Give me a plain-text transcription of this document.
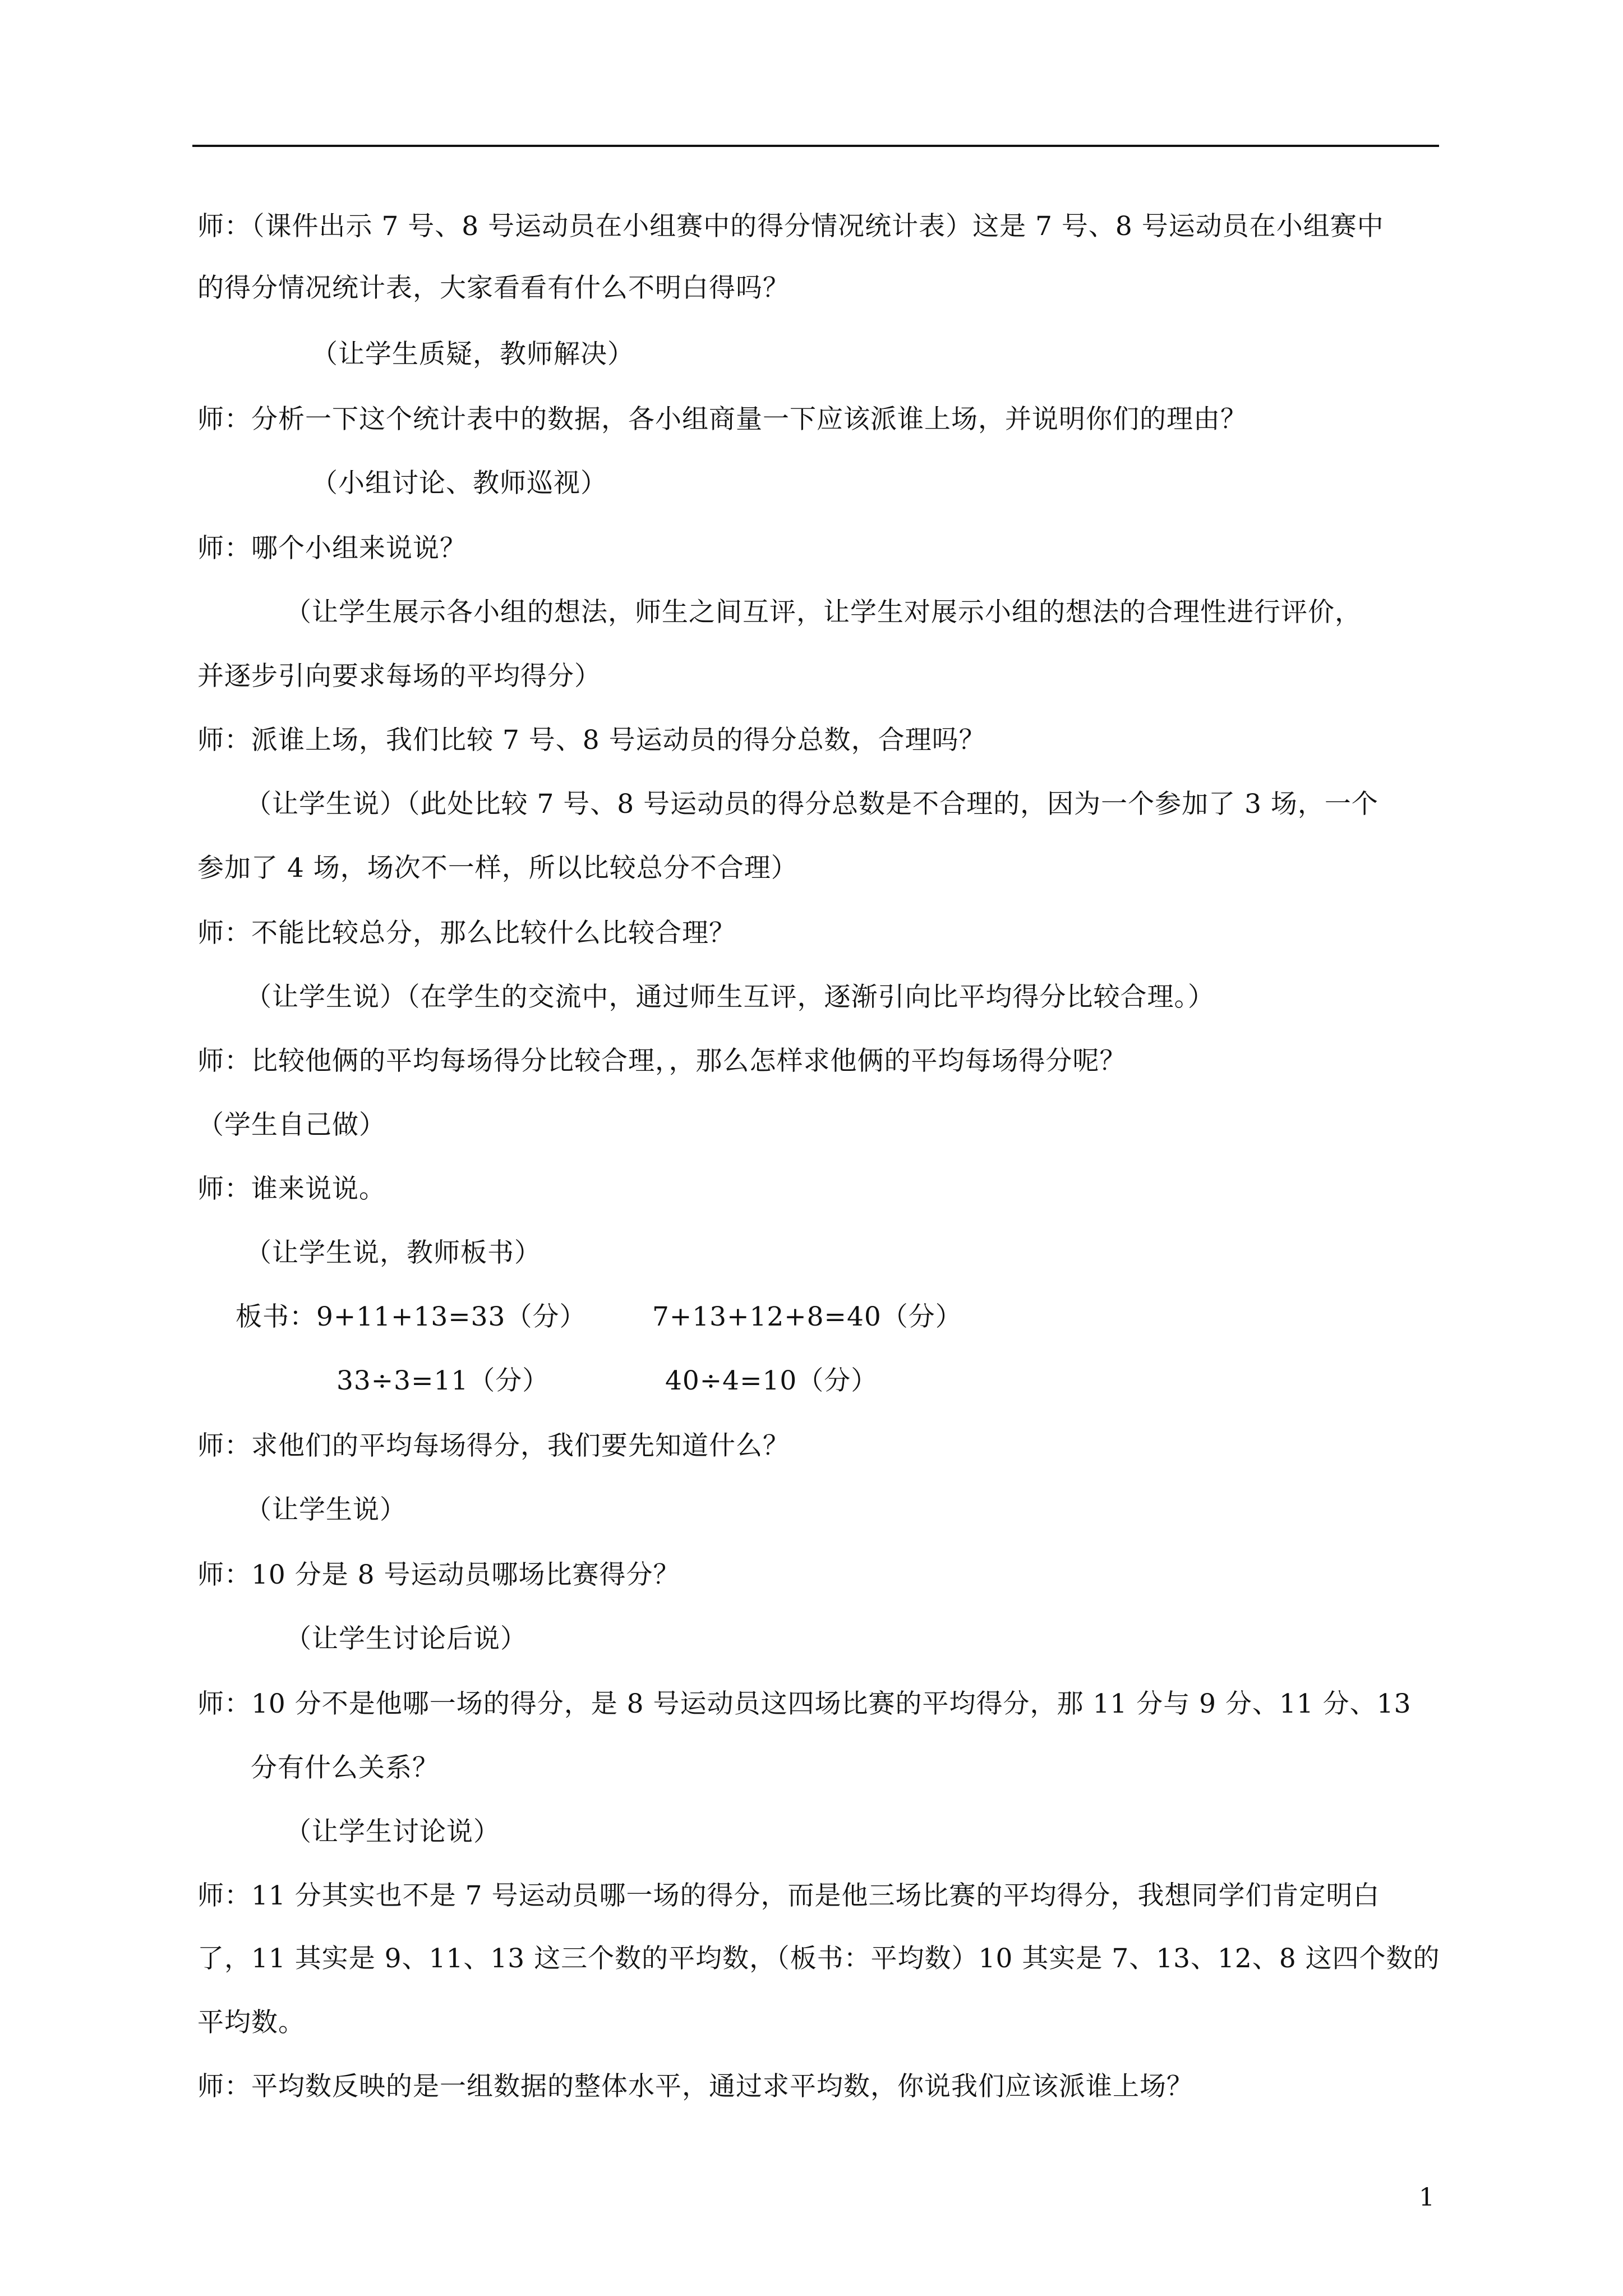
师：（课件出示 7 号、8 号运动员在小组赛中的得分情况统计表）这是 7 号、8 号运动员在小组赛中
的得分情况统计表，大家看看有什么不明白得吗？
（让学生质疑，教师解决）
师：分析一下这个统计表中的数据，各小组商量一下应该派谁上场，并说明你们的理由？
（小组讨论、教师巡视）
师：哪个小组来说说？
（让学生展示各小组的想法，师生之间互评，让学生对展示小组的想法的合理性进行评价，
并逐步引向要求每场的平均得分）
师：派谁上场，我们比较 7 号、8 号运动员的得分总数，合理吗？
（让学生说）（此处比较 7 号、8 号运动员的得分总数是不合理的，因为一个参加了 3 场，一个
参加了 4 场，场次不一样，所以比较总分不合理）
师：不能比较总分，那么比较什么比较合理？
（让学生说）（在学生的交流中，通过师生互评，逐渐引向比平均得分比较合理。）
师：比较他俩的平均每场得分比较合理，，那么怎样求他俩的平均每场得分呢？
（学生自己做）
师：谁来说说。
（让学生说，教师板书）
板书：9+11+13=33（分）	7+13+12+8=40（分）
33÷3=11（分）	40÷4=10（分）
师：求他们的平均每场得分，我们要先知道什么？
（让学生说）
师：10 分是 8 号运动员哪场比赛得分？
（让学生讨论后说）
师：10 分不是他哪一场的得分，是 8 号运动员这四场比赛的平均得分，那 11 分与 9 分、11 分、13
分有什么关系？
（让学生讨论说）
师：11 分其实也不是 7 号运动员哪一场的得分，而是他三场比赛的平均得分，我想同学们肯定明白
了，11 其实是 9、11、13 这三个数的平均数，（板书：平均数）10 其实是 7、13、12、8 这四个数的
平均数。
师：平均数反映的是一组数据的整体水平，通过求平均数，你说我们应该派谁上场？
1
